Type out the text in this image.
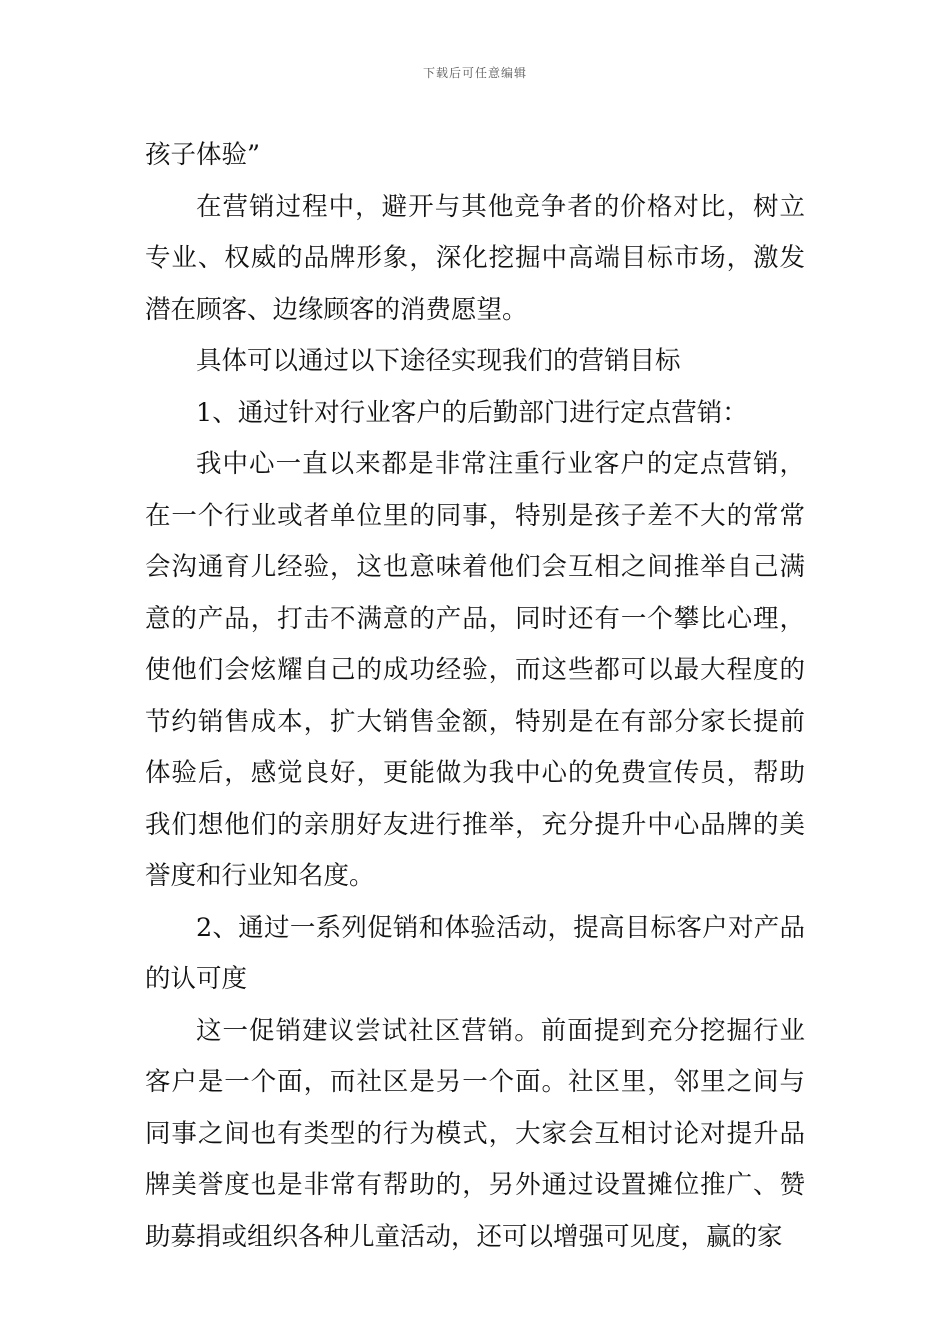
下载后可任意编辑

孩子体验”

在营销过程中，避开与其他竞争者的价格对比，树立专业、权威的品牌形象，深化挖掘中高端目标市场，激发潜在顾客、边缘顾客的消费愿望。

具体可以通过以下途径实现我们的营销目标

1、通过针对行业客户的后勤部门进行定点营销：

我中心一直以来都是非常注重行业客户的定点营销，在一个行业或者单位里的同事，特别是孩子差不大的常常会沟通育儿经验，这也意味着他们会互相之间推举自己满意的产品，打击不满意的产品，同时还有一个攀比心理，使他们会炫耀自己的成功经验，而这些都可以最大程度的节约销售成本，扩大销售金额，特别是在有部分家长提前体验后，感觉良好，更能做为我中心的免费宣传员，帮助我们想他们的亲朋好友进行推举，充分提升中心品牌的美誉度和行业知名度。

2、通过一系列促销和体验活动，提高目标客户对产品的认可度

这一促销建议尝试社区营销。前面提到充分挖掘行业客户是一个面，而社区是另一个面。社区里，邻里之间与同事之间也有类型的行为模式，大家会互相讨论对提升品牌美誉度也是非常有帮助的，另外通过设置摊位推广、赞助募捐或组织各种儿童活动，还可以增强可见度，赢的家
